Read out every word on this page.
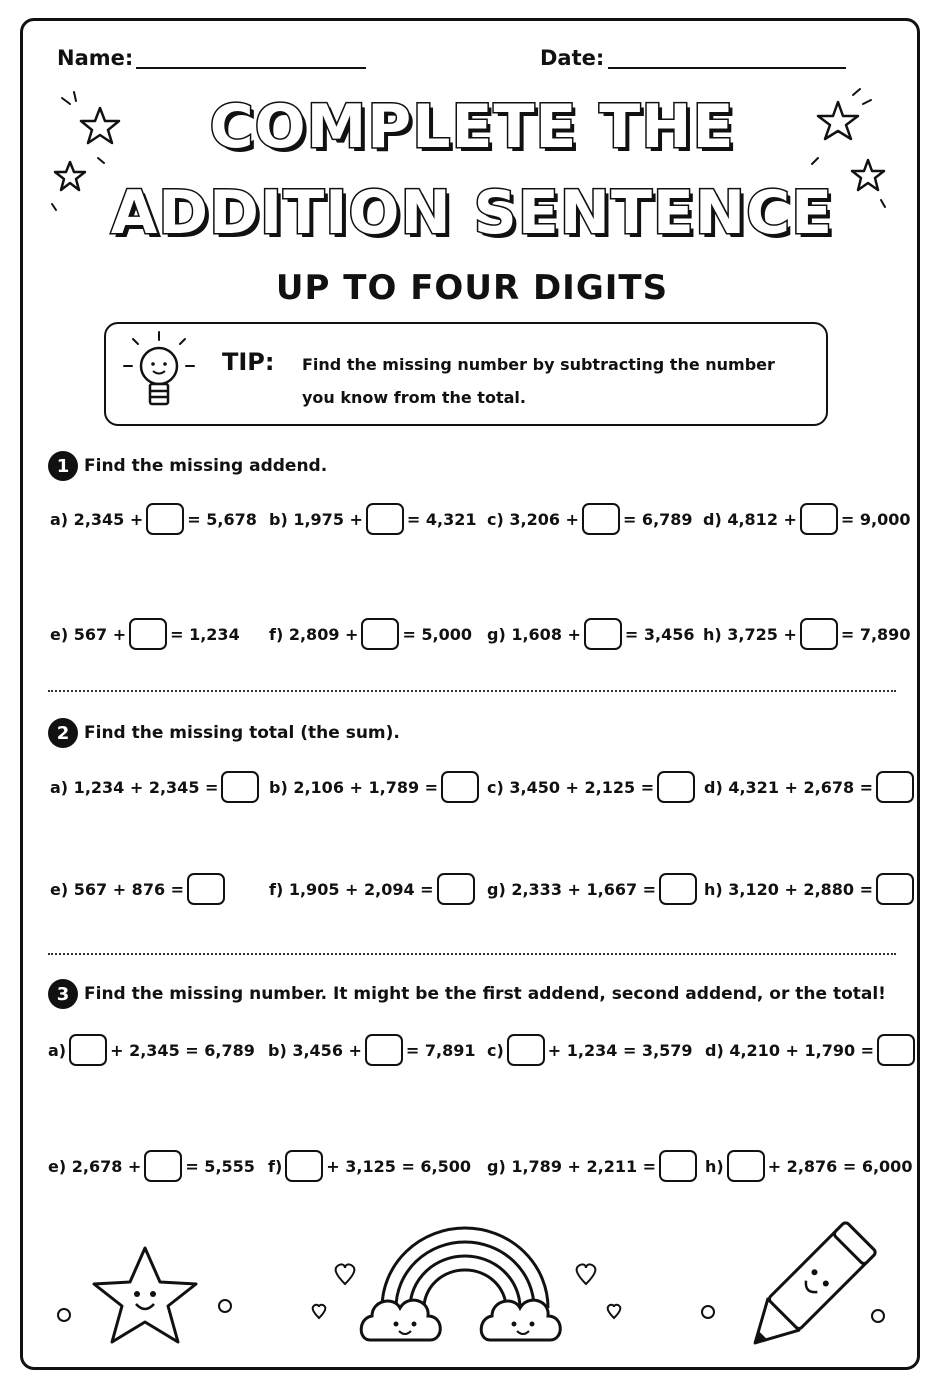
Name:	Date:
COMPLETE THE
ADDITION SENTENCE
UP TO FOUR DIGITS
TIP: Find the missing number by subtracting the number you know from the total.
1 Find the missing addend.
a) 2,345 +	= 5,678 b) 1,975 +	= 4,321 c) 3,206 +	= 6,789 d) 4,812 +	= 9,000
e) 567 +	= 1,234 f) 2,809 +	= 5,000 g) 1,608 +	= 3,456 h) 3,725 +	= 7,890
2 Find the missing total (the sum).
a) 1,234 + 2,345 =	b) 2,106 + 1,789 =	c) 3,450 + 2,125 =	d) 4,321 + 2,678 =
e) 567 + 876 =	f) 1,905 + 2,094 =	g) 2,333 + 1,667 =	h) 3,120 + 2,880 =
3 Find the missing number. It might be the first addend, second addend, or the total!
a)	+ 2,345 = 6,789 b) 3,456 +	= 7,891 c)	+ 1,234 = 3,579 d) 4,210 + 1,790 =
e) 2,678 +	= 5,555 f)	+ 3,125 = 6,500 g) 1,789 + 2,211 =	h)	+ 2,876 = 6,000
